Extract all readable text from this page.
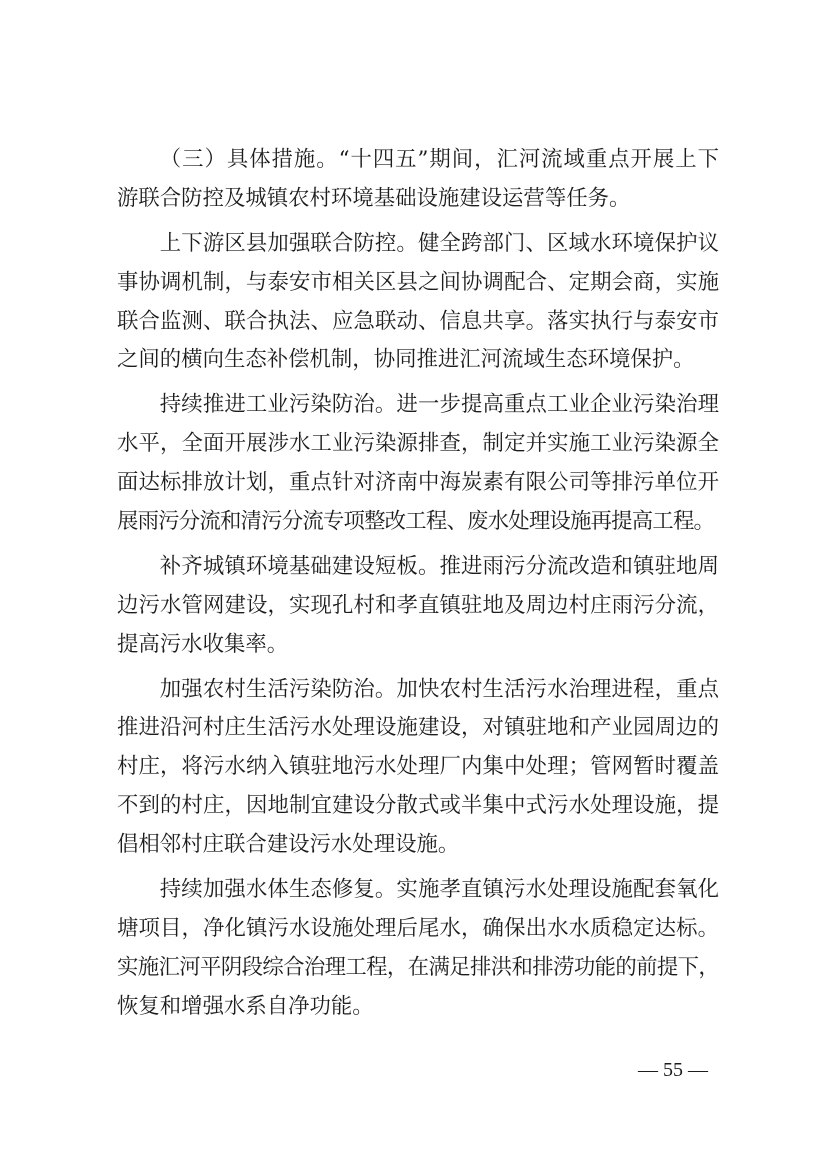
（三）具体措施。“十四五”期间，汇河流域重点开展上下
游联合防控及城镇农村环境基础设施建设运营等任务。
上下游区县加强联合防控。健全跨部门、区域水环境保护议
事协调机制，与泰安市相关区县之间协调配合、定期会商，实施
联合监测、联合执法、应急联动、信息共享。落实执行与泰安市
之间的横向生态补偿机制，协同推进汇河流域生态环境保护。
持续推进工业污染防治。进一步提高重点工业企业污染治理
水平，全面开展涉水工业污染源排查，制定并实施工业污染源全
面达标排放计划，重点针对济南中海炭素有限公司等排污单位开
展雨污分流和清污分流专项整改工程、废水处理设施再提高工程。
补齐城镇环境基础建设短板。推进雨污分流改造和镇驻地周
边污水管网建设，实现孔村和孝直镇驻地及周边村庄雨污分流，
提高污水收集率。
加强农村生活污染防治。加快农村生活污水治理进程，重点
推进沿河村庄生活污水处理设施建设，对镇驻地和产业园周边的
村庄，将污水纳入镇驻地污水处理厂内集中处理；管网暂时覆盖
不到的村庄，因地制宜建设分散式或半集中式污水处理设施，提
倡相邻村庄联合建设污水处理设施。
持续加强水体生态修复。实施孝直镇污水处理设施配套氧化
塘项目，净化镇污水设施处理后尾水，确保出水水质稳定达标。
实施汇河平阴段综合治理工程，在满足排洪和排涝功能的前提下，
恢复和增强水系自净功能。
— 55 —
